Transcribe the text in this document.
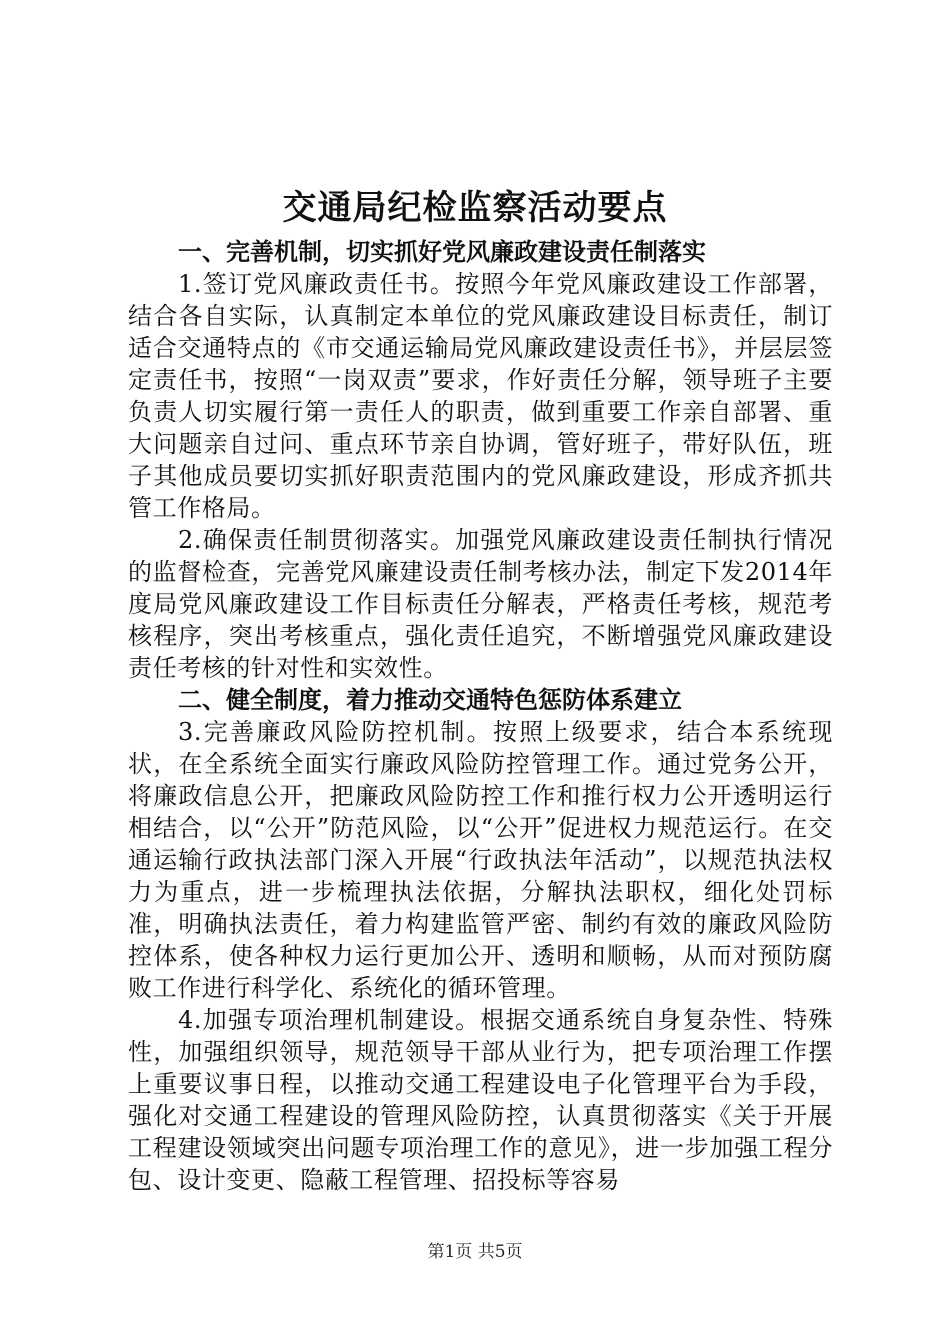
交通局纪检监察活动要点

一、完善机制，切实抓好党风廉政建设责任制落实

1.签订党风廉政责任书。按照今年党风廉政建设工作部署，结合各自实际，认真制定本单位的党风廉政建设目标责任，制订适合交通特点的《市交通运输局党风廉政建设责任书》，并层层签定责任书，按照“一岗双责”要求，作好责任分解，领导班子主要负责人切实履行第一责任人的职责，做到重要工作亲自部署、重大问题亲自过问、重点环节亲自协调，管好班子，带好队伍，班子其他成员要切实抓好职责范围内的党风廉政建设，形成齐抓共管工作格局。

2.确保责任制贯彻落实。加强党风廉政建设责任制执行情况的监督检查，完善党风廉建设责任制考核办法，制定下发2014年度局党风廉政建设工作目标责任分解表，严格责任考核，规范考核程序，突出考核重点，强化责任追究，不断增强党风廉政建设责任考核的针对性和实效性。

二、健全制度，着力推动交通特色惩防体系建立

3.完善廉政风险防控机制。按照上级要求，结合本系统现状，在全系统全面实行廉政风险防控管理工作。通过党务公开，将廉政信息公开，把廉政风险防控工作和推行权力公开透明运行相结合，以“公开”防范风险，以“公开”促进权力规范运行。在交通运输行政执法部门深入开展“行政执法年活动”，以规范执法权力为重点，进一步梳理执法依据，分解执法职权，细化处罚标准，明确执法责任，着力构建监管严密、制约有效的廉政风险防控体系，使各种权力运行更加公开、透明和顺畅，从而对预防腐败工作进行科学化、系统化的循环管理。

4.加强专项治理机制建设。根据交通系统自身复杂性、特殊性，加强组织领导，规范领导干部从业行为，把专项治理工作摆上重要议事日程，以推动交通工程建设电子化管理平台为手段，强化对交通工程建设的管理风险防控，认真贯彻落实《关于开展工程建设领域突出问题专项治理工作的意见》，进一步加强工程分包、设计变更、隐蔽工程管理、招投标等容易

第1页 共5页
